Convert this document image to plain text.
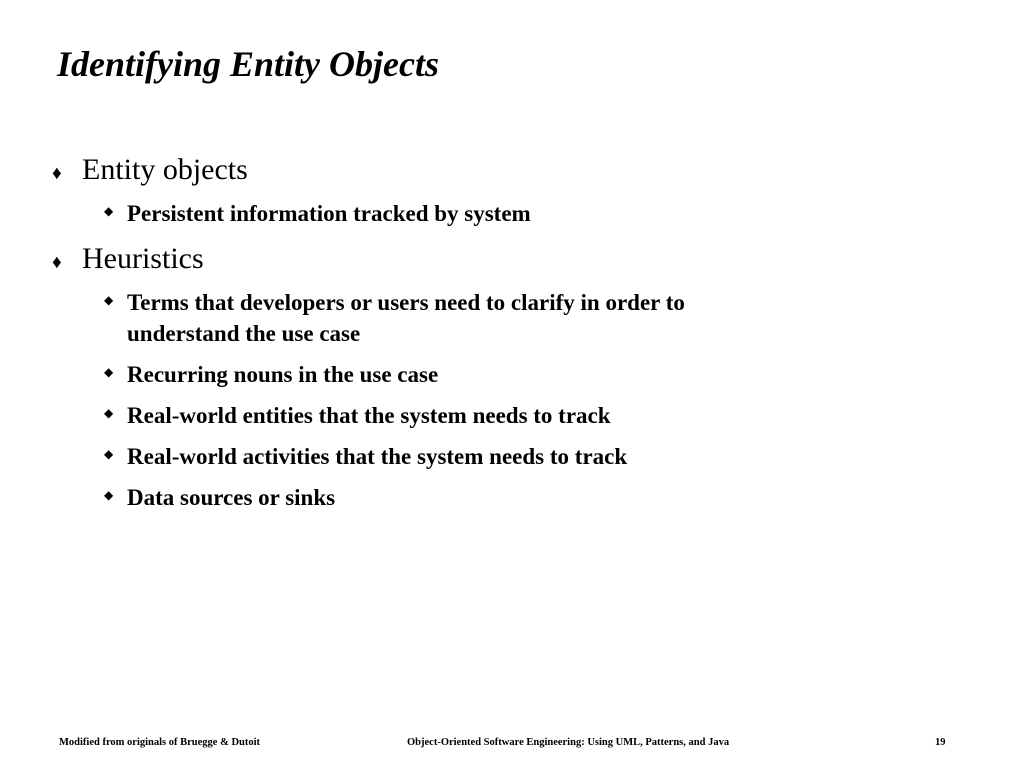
Identifying Entity Objects
♦ Entity objects
◆ Persistent information tracked by system
♦ Heuristics
◆ Terms that developers or users need to clarify in order to
understand the use case
◆ Recurring nouns in the use case
◆ Real-world entities that the system needs to track
◆ Real-world activities that the system needs to track
◆ Data sources or sinks
Modified from originals of Bruegge & Dutoit	Object-Oriented Software Engineering: Using UML, Patterns, and Java	19
